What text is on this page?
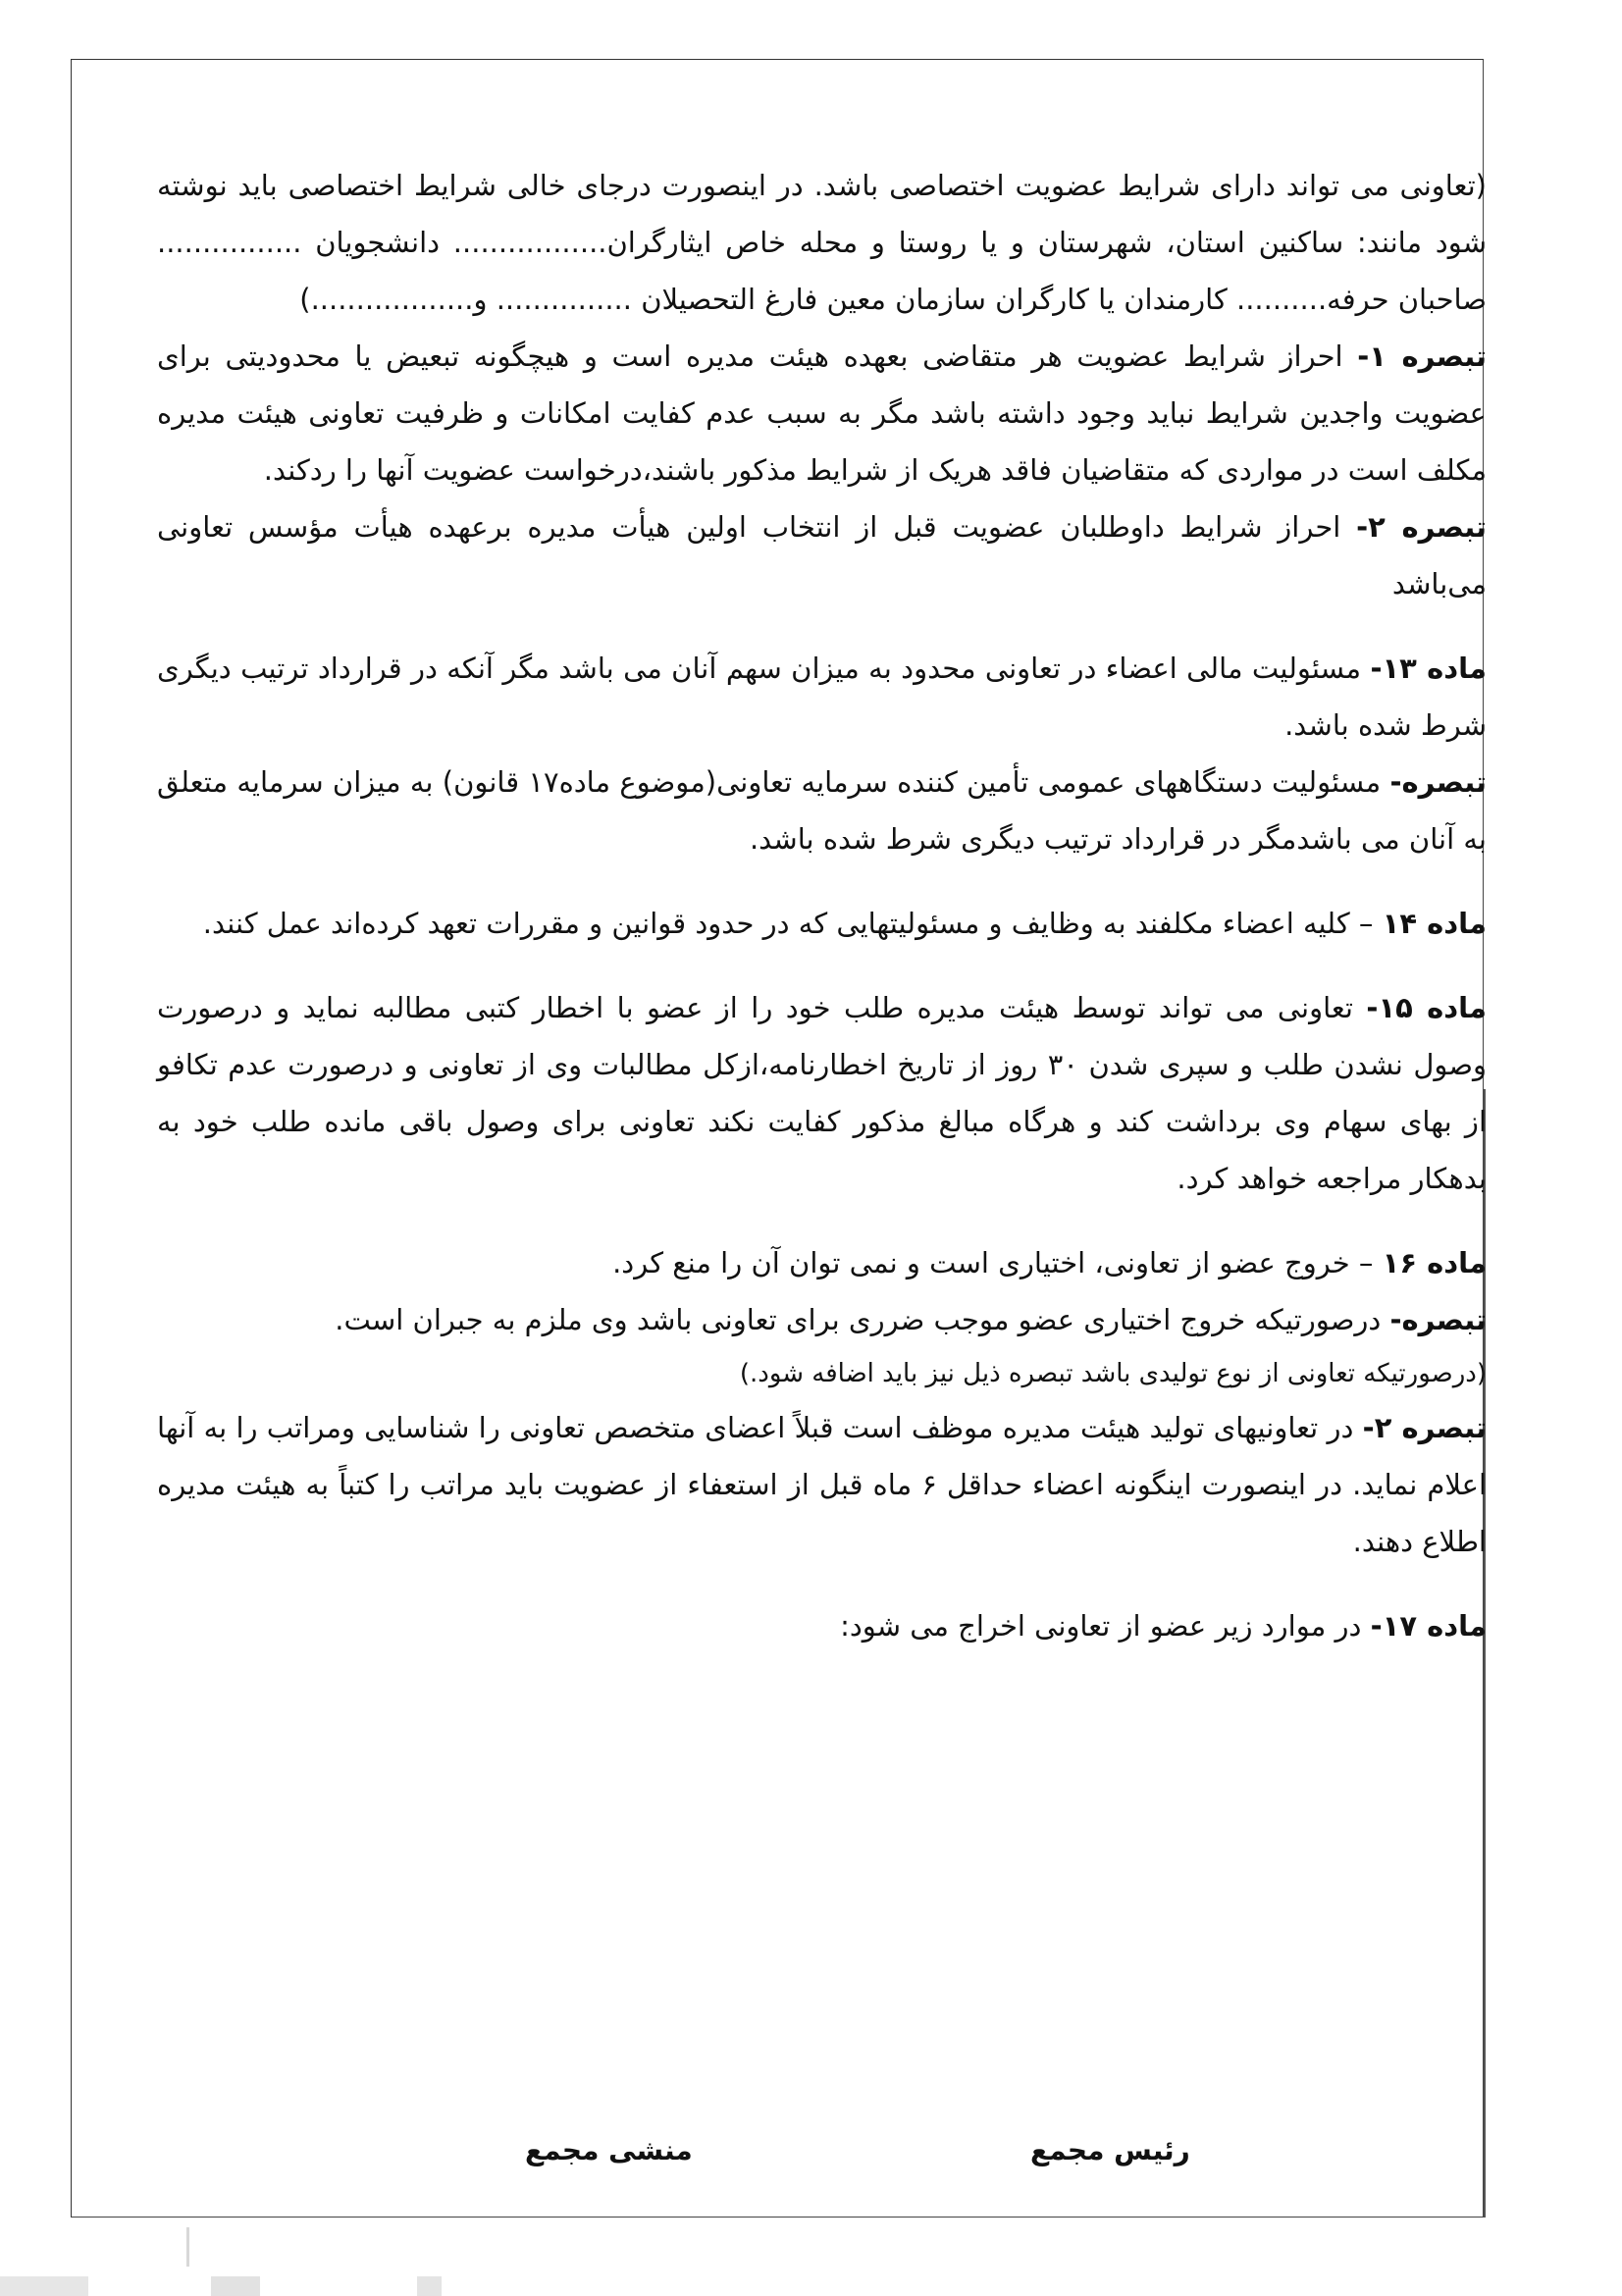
(تعاونی می تواند دارای شرایط عضویت اختصاصی باشد. در اینصورت درجای خالی شرایط اختصاصی باید نوشته شود مانند: ساکنین استان، شهرستان و یا روستا و محله خاص ایثارگران................. دانشجویان ................ صاحبان حرفه.......... کارمندان یا کارگران سازمان معین فارغ التحصیلان ............... و..................)

تبصره ۱- احراز شرایط عضویت هر متقاضی بعهده هیئت مدیره است و هیچگونه تبعیض یا محدودیتی برای عضویت واجدین شرایط نباید وجود داشته باشد مگر به سبب عدم کفایت امکانات و ظرفیت تعاونی هیئت مدیره مکلف است در مواردی که متقاضیان فاقد هریک از شرایط مذکور باشند،درخواست عضویت آنها را ردکند.

تبصره ۲- احراز شرایط داوطلبان عضویت قبل از انتخاب اولین هیأت مدیره برعهده هیأت مؤسس تعاونی می‌باشد

ماده ۱۳- مسئولیت مالی اعضاء در تعاونی محدود به میزان سهم آنان می باشد مگر آنکه در قرارداد ترتیب دیگری شرط شده باشد.

تبصره- مسئولیت دستگاههای عمومی تأمین کننده سرمایه تعاونی(موضوع ماده۱۷ قانون) به میزان سرمایه متعلق به آنان می باشدمگر در قرارداد ترتیب دیگری شرط شده باشد.

ماده ۱۴ – کلیه اعضاء مکلفند به وظایف و مسئولیتهایی که در حدود قوانین و مقررات تعهد کرده‌اند عمل کنند.

ماده ۱۵- تعاونی می تواند توسط هیئت مدیره طلب خود را از عضو با اخطار کتبی مطالبه نماید و درصورت وصول نشدن طلب و سپری شدن ۳۰ روز از تاریخ اخطارنامه،ازکل مطالبات وی از تعاونی و درصورت عدم تکافو از بهای سهام وی برداشت کند و هرگاه مبالغ مذکور کفایت نکند تعاونی برای وصول باقی مانده طلب خود به بدهکار مراجعه خواهد کرد.

ماده ۱۶ – خروج عضو از تعاونی، اختیاری است و نمی توان آن را منع کرد.

تبصره- درصورتیکه خروج اختیاری عضو موجب ضرری برای تعاونی باشد وی ملزم به جبران است.

(درصورتیکه تعاونی از نوع تولیدی باشد تبصره ذیل نیز باید اضافه شود.)

تبصره ۲- در تعاونیهای تولید هیئت مدیره موظف است قبلاً اعضای متخصص تعاونی را شناسایی ومراتب را به آنها اعلام نماید. در اینصورت اینگونه اعضاء حداقل ۶ ماه قبل از استعفاء از عضویت باید مراتب را کتباً به هیئت مدیره اطلاع دهند.

ماده ۱۷- در موارد زیر عضو از تعاونی اخراج می شود:

رئیس مجمع
منشی مجمع
